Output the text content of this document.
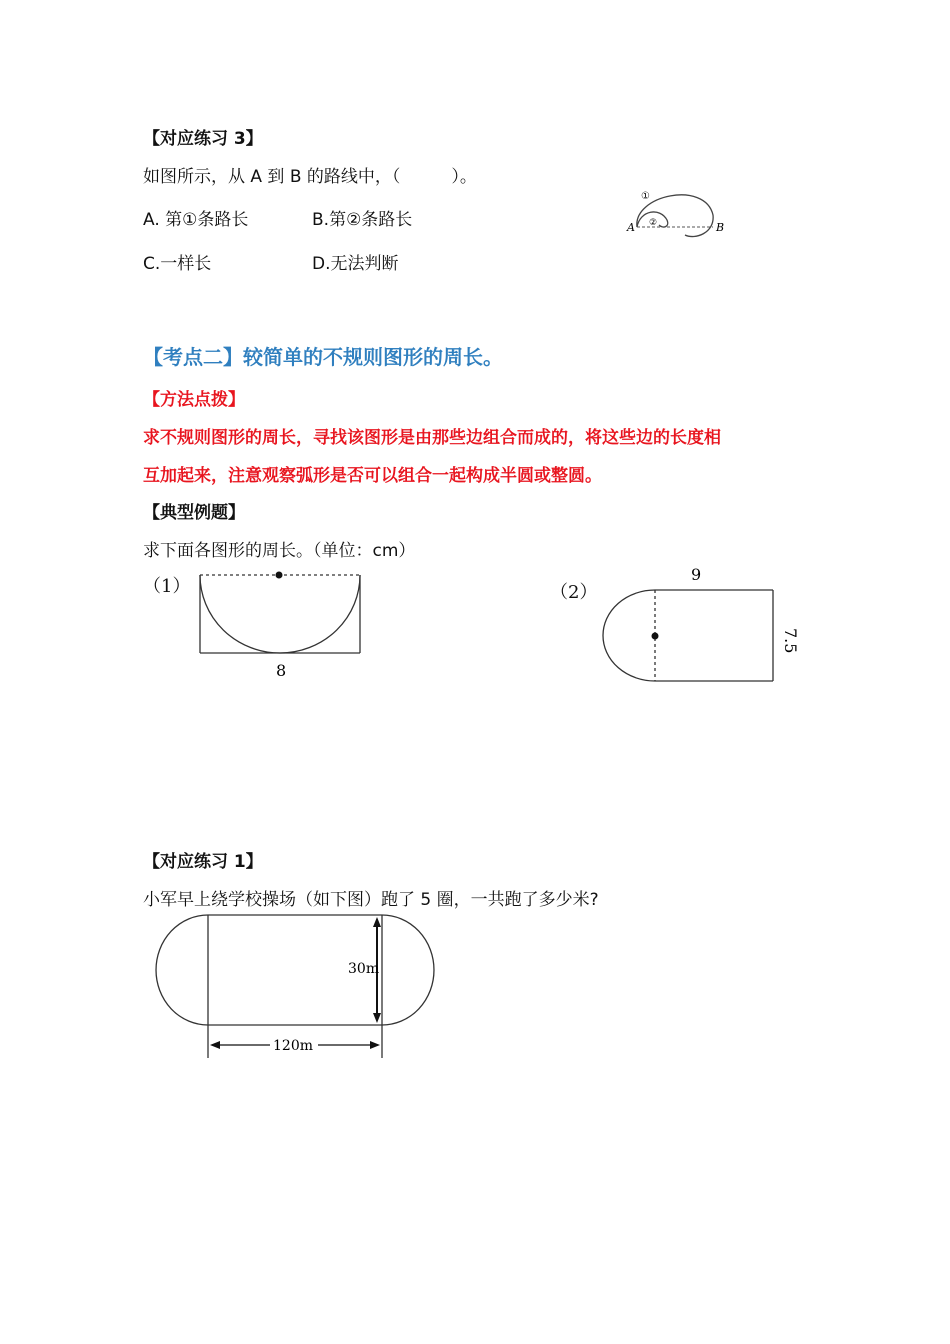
【对应练习 3】
如图所示，从 A 到 B 的路线中，（　　　）。
A. 第①条路长	B.第②条路长
C.一样长	D.无法判断
A	B
①
②
【考点二】较简单的不规则图形的周长。
【方法点拨】
求不规则图形的周长，寻找该图形是由那些边组合而成的，将这些边的长度相
互加起来，注意观察弧形是否可以组合一起构成半圆或整圆。
【典型例题】
求下面各图形的周长。（单位：cm）
（1）
8
（2）
9
7.5
【对应练习 1】
小军早上绕学校操场（如下图）跑了 5 圈，一共跑了多少米?
30m
120m
